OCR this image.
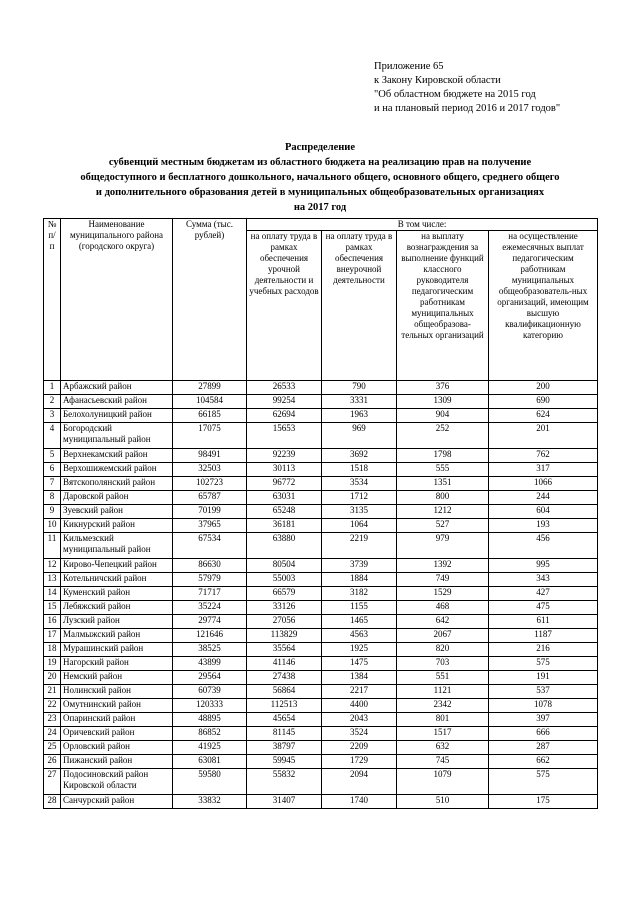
Приложение 65
к Закону Кировской области
"Об областном бюджете на 2015 год
и на плановый период 2016 и 2017 годов"
Распределение
субвенций местным бюджетам из областного бюджета на реализацию прав на получение
общедоступного и бесплатного дошкольного, начального общего, основного общего, среднего общего
и дополнительного образования детей в муниципальных общеобразовательных организациях
на 2017 год
№ п/п	Наименование муниципального района (городского округа)	Сумма (тыс. рублей)	В том числе:			
			на оплату труда в рамках обеспечения урочной деятельности и учебных расходов	на оплату труда в рамках обеспечения внеурочной деятельности	на выплату вознаграждения за выполнение функций классного руководителя педагогическим работникам муниципальных общеобразова-тельных организаций	на осуществление ежемесячных выплат педагогическим работникам муниципальных общеобразователь-ных организаций, имеющим высшую квалификационную категорию
1	Арбажский район	27899	26533	790	376	200
2	Афанасьевский район	104584	99254	3331	1309	690
3	Белохолуницкий район	66185	62694	1963	904	624
4	Богородский муниципальный район	17075	15653	969	252	201
5	Верхнекамский район	98491	92239	3692	1798	762
6	Верхошижемский район	32503	30113	1518	555	317
7	Вятскополянский район	102723	96772	3534	1351	1066
8	Даровской район	65787	63031	1712	800	244
9	Зуевский район	70199	65248	3135	1212	604
10	Кикнурский район	37965	36181	1064	527	193
11	Кильмезский муниципальный район	67534	63880	2219	979	456
12	Кирово-Чепецкий район	86630	80504	3739	1392	995
13	Котельничский район	57979	55003	1884	749	343
14	Куменский район	71717	66579	3182	1529	427
15	Лебяжский район	35224	33126	1155	468	475
16	Лузский район	29774	27056	1465	642	611
17	Малмыжский район	121646	113829	4563	2067	1187
18	Мурашинский район	38525	35564	1925	820	216
19	Нагорский район	43899	41146	1475	703	575
20	Немский район	29564	27438	1384	551	191
21	Нолинский район	60739	56864	2217	1121	537
22	Омутнинский район	120333	112513	4400	2342	1078
23	Опаринский район	48895	45654	2043	801	397
24	Оричевский район	86852	81145	3524	1517	666
25	Орловский район	41925	38797	2209	632	287
26	Пижанский район	63081	59945	1729	745	662
27	Подосиновский район Кировской области	59580	55832	2094	1079	575
28	Санчурский район	33832	31407	1740	510	175
